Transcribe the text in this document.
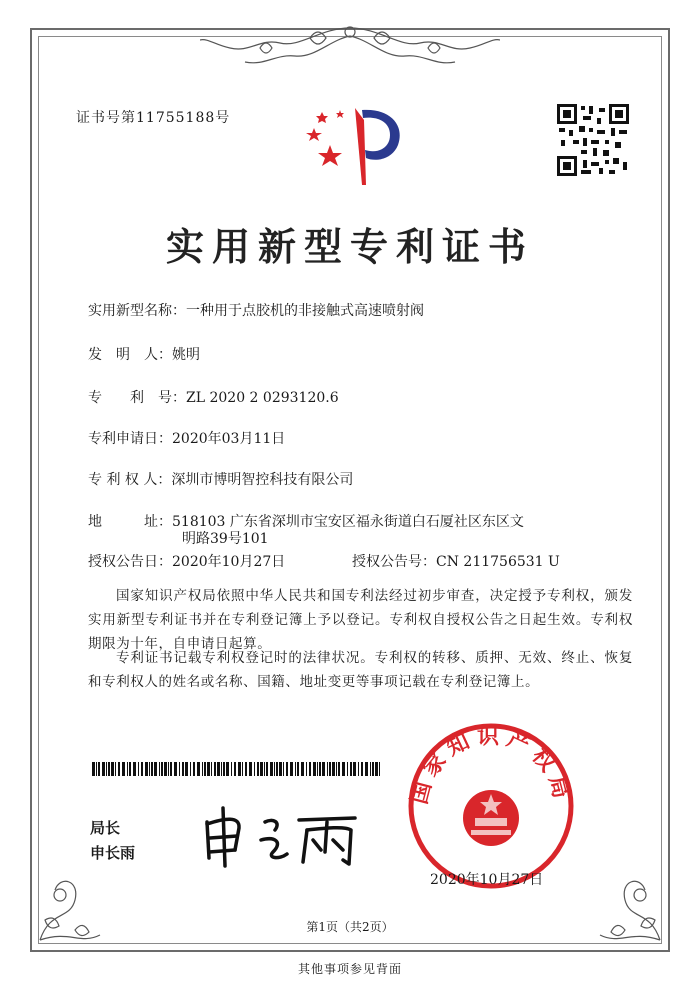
证书号第11755188号
实用新型专利证书
实用新型名称：一种用于点胶机的非接触式高速喷射阀
发　明　人：姚明
专　　利　号：ZL 2020 2 0293120.6
专利申请日：2020年03月11日
专 利 权 人：深圳市博明智控科技有限公司
地　　　址：518103 广东省深圳市宝安区福永街道白石厦社区东区文
明路39号101
授权公告日：2020年10月27日	授权公告号：CN 211756531 U
国家知识产权局依照中华人民共和国专利法经过初步审查，决定授予专利权，颁发实用新型专利证书并在专利登记簿上予以登记。专利权自授权公告之日起生效。专利权期限为十年，自申请日起算。
专利证书记载专利权登记时的法律状况。专利权的转移、质押、无效、终止、恢复和专利权人的姓名或名称、国籍、地址变更等事项记载在专利登记簿上。
局长
申长雨
国家知识产权局
2020年10月27日
第1页（共2页）
其他事项参见背面
